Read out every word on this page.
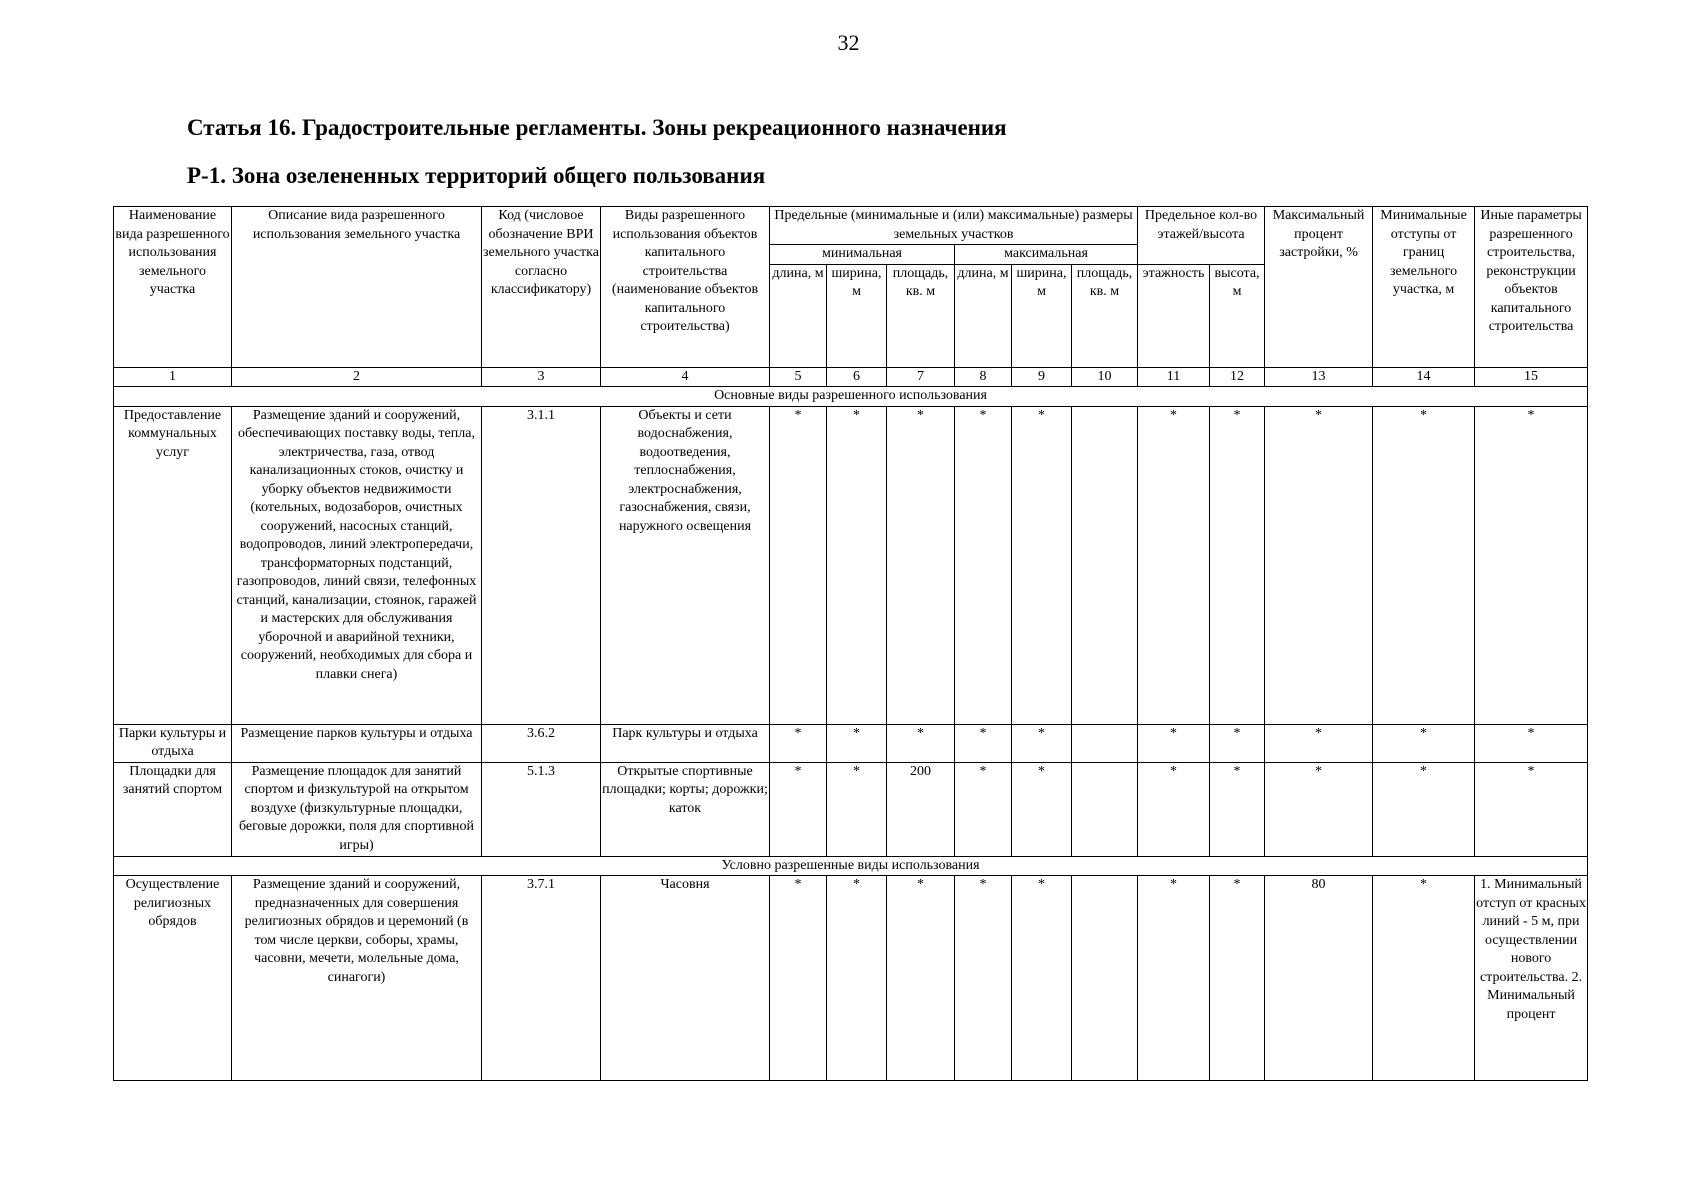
32
Статья 16. Градостроительные регламенты. Зоны рекреационного назначения
Р-1. Зона озелененных территорий общего пользования
Наименование вида разрешенного использования земельного участка	Описание вида разрешенного использования земельного участка	Код (числовое обозначение ВРИ земельного участка согласно классификатору)	Виды разрешенного использования объектов капитального строительства (наименование объектов капитального строительства)	Предельные (минимальные и (или) максимальные) размеры земельных участков						Предельное кол-во этажей/высота		Максимальный процент застройки, %	Минимальные отступы от границ земельного участка, м	Иные параметры разрешенного строительства, реконструкции объектов капитального строительства
				минимальная			максимальная							
				длина, м	ширина, м	площадь, кв. м	длина, м	ширина, м	площадь, кв. м	этажность	высота, м			
1	2	3	4	5	6	7	8	9	10	11	12	13	14	15
Основные виды разрешенного использования														
Предоставление коммунальных услуг	Размещение зданий и сооружений, обеспечивающих поставку воды, тепла, электричества, газа, отвод канализационных стоков, очистку и уборку объектов недвижимости (котельных, водозаборов, очистных сооружений, насосных станций, водопроводов, линий электропередачи, трансформаторных подстанций, газопроводов, линий связи, телефонных станций, канализации, стоянок, гаражей и мастерских для обслуживания уборочной и аварийной техники, сооружений, необходимых для сбора и плавки снега)	3.1.1	Объекты и сети водоснабжения, водоотведения, теплоснабжения, электроснабжения, газоснабжения, связи, наружного освещения	*	*	*	*	*		*	*	*	*	*
Парки культуры и отдыха	Размещение парков культуры и отдыха	3.6.2	Парк культуры и отдыха	*	*	*	*	*		*	*	*	*	*
Площадки для занятий спортом	Размещение площадок для занятий спортом и физкультурой на открытом воздухе (физкультурные площадки, беговые дорожки, поля для спортивной игры)	5.1.3	Открытые спортивные площадки; корты; дорожки; каток	*	*	200	*	*		*	*	*	*	*
Условно разрешенные виды использования														
Осуществление религиозных обрядов	Размещение зданий и сооружений, предназначенных для совершения религиозных обрядов и церемоний (в том числе церкви, соборы, храмы, часовни, мечети, молельные дома, синагоги)	3.7.1	Часовня	*	*	*	*	*		*	*	80	*	1. Минимальный отступ от красных линий - 5 м, при осуществлении нового строительства. 2. Минимальный процент
